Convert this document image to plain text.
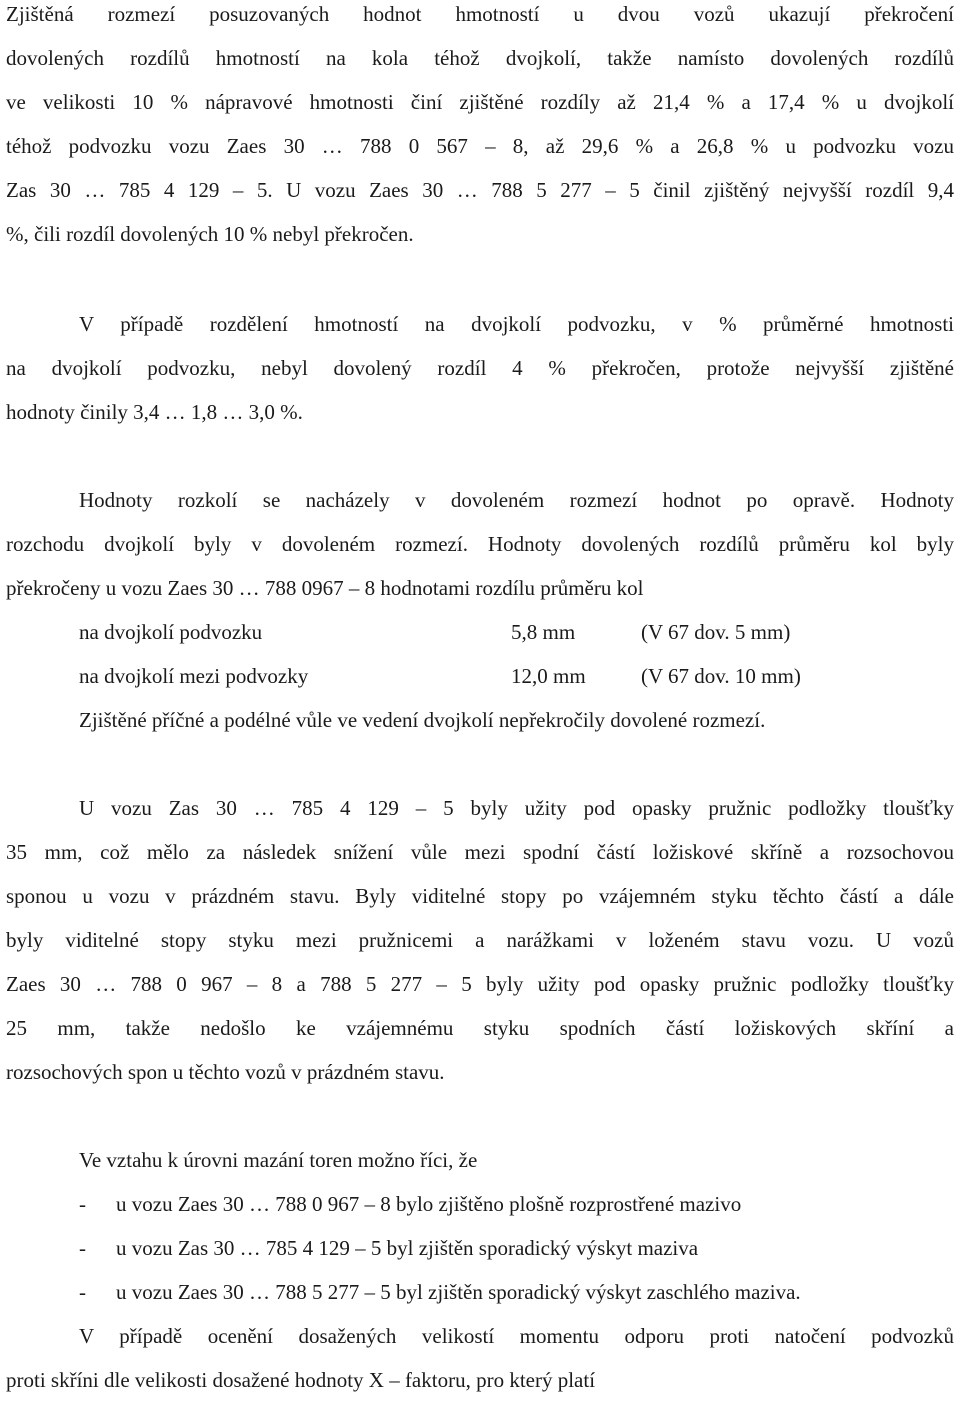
Zjištěná rozmezí posuzovaných hodnot hmotností u dvou vozů ukazují překročení
dovolených rozdílů hmotností na kola téhož dvojkolí, takže namísto dovolených rozdílů
ve velikosti 10 % nápravové hmotnosti činí zjištěné rozdíly až 21,4 % a 17,4 % u dvojkolí
téhož podvozku vozu Zaes 30 … 788 0 567 – 8, až 29,6 % a 26,8 % u podvozku vozu
Zas 30 … 785 4 129 – 5. U vozu Zaes 30 … 788 5 277 – 5 činil zjištěný nejvyšší rozdíl 9,4
%, čili rozdíl dovolených 10 % nebyl překročen.
V případě rozdělení hmotností na dvojkolí podvozku, v % průměrné hmotnosti
na dvojkolí podvozku, nebyl dovolený rozdíl 4 % překročen, protože nejvyšší zjištěné
hodnoty činily 3,4 … 1,8 … 3,0 %.
Hodnoty rozkolí se nacházely v dovoleném rozmezí hodnot po opravě. Hodnoty
rozchodu dvojkolí byly v dovoleném rozmezí. Hodnoty dovolených rozdílů průměru kol byly
překročeny u vozu Zaes 30 … 788 0967 – 8 hodnotami rozdílu průměru kol
na dvojkolí podvozku	5,8 mm	(V 67 dov. 5 mm)
na dvojkolí mezi podvozky	12,0 mm	(V 67 dov. 10 mm)
Zjištěné příčné a podélné vůle ve vedení dvojkolí nepřekročily dovolené rozmezí.
U vozu Zas 30 … 785 4 129 – 5 byly užity pod opasky pružnic podložky tloušťky
35 mm, což mělo za následek snížení vůle mezi spodní částí ložiskové skříně a rozsochovou
sponou u vozu v prázdném stavu. Byly viditelné stopy po vzájemném styku těchto částí a dále
byly viditelné stopy styku mezi pružnicemi a narážkami v loženém stavu vozu. U vozů
Zaes 30 … 788 0 967 – 8 a 788 5 277 – 5 byly užity pod opasky pružnic podložky tloušťky
25 mm, takže nedošlo ke vzájemnému styku spodních částí ložiskových skříní a
rozsochových spon u těchto vozů v prázdném stavu.
Ve vztahu k úrovni mazání toren možno říci, že
- u vozu Zaes 30 … 788 0 967 – 8 bylo zjištěno plošně rozprostřené mazivo
- u vozu Zas 30 … 785 4 129 – 5 byl zjištěn sporadický výskyt maziva
- u vozu Zaes 30 … 788 5 277 – 5 byl zjištěn sporadický výskyt zaschlého maziva.
V případě ocenění dosažených velikostí momentu odporu proti natočení podvozků
proti skříni dle velikosti dosažené hodnoty X – faktoru, pro který platí
